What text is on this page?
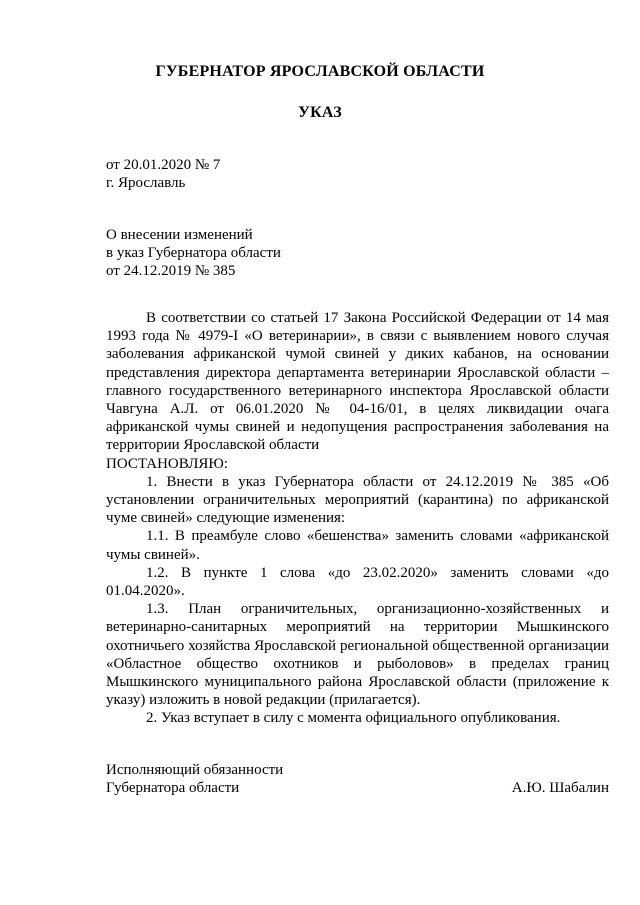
ГУБЕРНАТОР ЯРОСЛАВСКОЙ ОБЛАСТИ
УКАЗ
от 20.01.2020 № 7
г. Ярославль
О внесении изменений
в указ Губернатора области
от 24.12.2019 № 385

В соответствии со статьей 17 Закона Российской Федерации от 14 мая 1993 года № 4979-I «О ветеринарии», в связи с выявлением нового случая заболевания африканской чумой свиней у диких кабанов, на основании представления директора департамента ветеринарии Ярославской области – главного государственного ветеринарного инспектора Ярославской области Чавгуна А.Л. от 06.01.2020 № 04-16/01, в целях ликвидации очага африканской чумы свиней и недопущения распространения заболевания на территории Ярославской области

ПОСТАНОВЛЯЮ:

1. Внести в указ Губернатора области от 24.12.2019 № 385 «Об установлении ограничительных мероприятий (карантина) по африканской чуме свиней» следующие изменения:

1.1. В преамбуле слово «бешенства» заменить словами «африканской чумы свиней».

1.2. В пункте 1 слова «до 23.02.2020» заменить словами «до 01.04.2020».

1.3. План ограничительных, организационно-хозяйственных и ветеринарно-санитарных мероприятий на территории Мышкинского охотничьего хозяйства Ярославской региональной общественной организации «Областное общество охотников и рыболовов» в пределах границ Мышкинского муниципального района Ярославской области (приложение к указу) изложить в новой редакции (прилагается).

2. Указ вступает в силу с момента официального опубликования.

Исполняющий обязанности
Губернатора области	А.Ю. Шабалин
